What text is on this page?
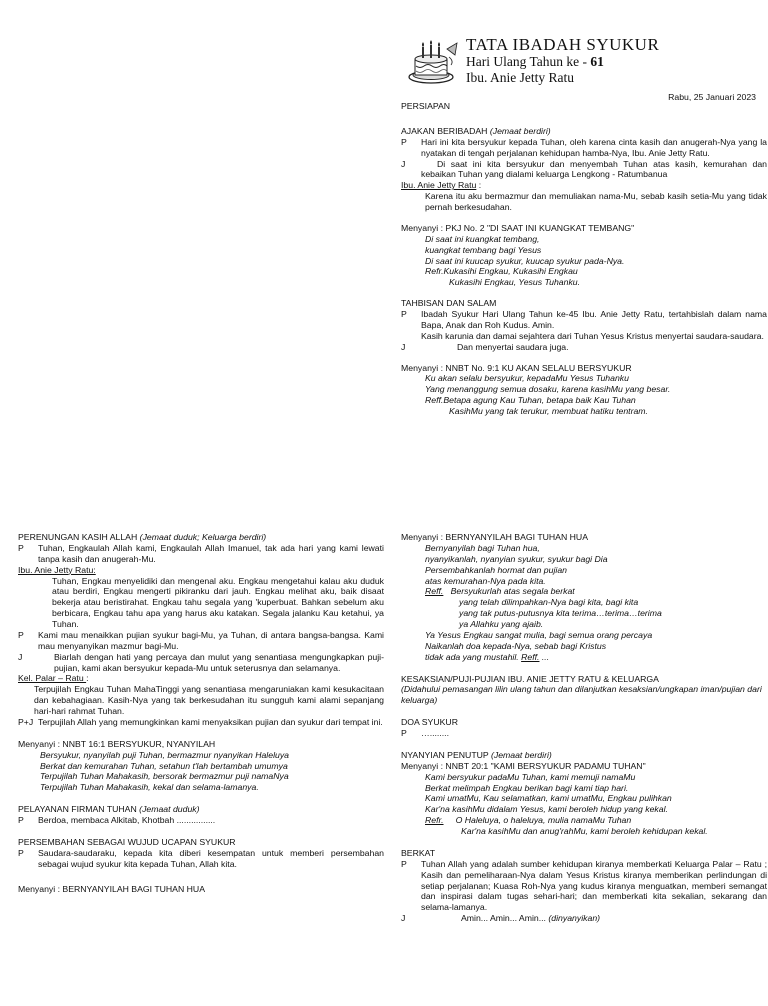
TATA IBADAH SYUKUR
Hari Ulang Tahun ke - 61
Ibu. Anie Jetty Ratu
Rabu, 25 Januari 2023
PERSIAPAN
AJAKAN BERIBADAH (Jemaat berdiri)
P	Hari ini kita bersyukur kepada Tuhan, oleh karena cinta kasih dan anugerah-Nya yang la nyatakan di tengah perjalanan kehidupan hamba-Nya, Ibu. Anie Jetty Ratu.
J	Di saat ini kita bersyukur dan menyembah Tuhan atas kasih, kemurahan dan kebaikan Tuhan yang dialami keluarga Lengkong - Ratumbanua
Ibu. Anie Jetty Ratu :
Karena itu aku bermazmur dan memuliakan nama-Mu, sebab kasih setia-Mu yang tidak pernah berkesudahan.
Menyanyi : PKJ No. 2 "DI SAAT INI KUANGKAT TEMBANG"
Di saat ini kuangkat tembang,
kuangkat tembang bagi Yesus
Di saat ini kuucap syukur, kuucap syukur pada-Nya.
Refr.Kukasihi Engkau, Kukasihi Engkau
Kukasihi Engkau, Yesus Tuhanku.
TAHBISAN DAN SALAM
P	Ibadah Syukur Hari Ulang Tahun ke-45 Ibu. Anie Jetty Ratu, tertahbislah dalam nama Bapa, Anak dan Roh Kudus. Amin.
Kasih karunia dan damai sejahtera dari Tuhan Yesus Kristus menyertai saudara-saudara.
J	Dan menyertai saudara juga.
Menyanyi : NNBT No. 9:1 KU AKAN SELALU BERSYUKUR
Ku akan selalu bersyukur, kepadaMu Yesus Tuhanku
Yang menanggung semua dosaku, karena kasihMu yang besar.
Reff.Betapa agung Kau Tuhan, betapa baik Kau Tuhan
KasihMu yang tak terukur, membuat hatiku tentram.
PERENUNGAN KASIH ALLAH (Jemaat duduk; Keluarga berdiri)
P	Tuhan, Engkaulah Allah kami, Engkaulah Allah Imanuel, tak ada hari yang kami lewati tanpa kasih dan anugerah-Mu.
Ibu. Anie Jetty Ratu:
Tuhan, Engkau menyelidiki dan mengenal aku. Engkau mengetahui kalau aku duduk atau berdiri, Engkau mengerti pikiranku dari jauh. Engkau melihat aku, baik disaat bekerja atau beristirahat. Engkau tahu segala yang 'kuperbuat. Bahkan sebelum aku berbicara, Engkau tahu apa yang harus aku katakan. Segala jalanku Kau ketahui, ya Tuhan.
P	Kami mau menaikkan pujian syukur bagi-Mu, ya Tuhan, di antara bangsa-bangsa. Kami mau menyanyikan mazmur bagi-Mu.
J	Biarlah dengan hati yang percaya dan mulut yang senantiasa mengungkapkan puji-pujian, kami akan bersyukur kepada-Mu untuk seterusnya dan selamanya.
Kel. Palar – Ratu :
Terpujilah Engkau Tuhan MahaTinggi yang senantiasa mengaruniakan kami kesukacitaan dan kebahagiaan. Kasih-Nya yang tak berkesudahan itu sungguh kami alami sepanjang hari-hari rahmat Tuhan.
P+J Terpujilah Allah yang memungkinkan kami menyaksikan pujian dan syukur dari tempat ini.
Menyanyi : NNBT 16:1 BERSYUKUR, NYANYILAH
Bersyukur, nyanyilah puji Tuhan, bermazmur nyanyikan Haleluya
Berkat dan kemurahan Tuhan, setahun t'lah bertambah umumya
Terpujilah Tuhan Mahakasih, bersorak bermazmur puji namaNya
Terpujilah Tuhan Mahakasih, kekal dan selama-lamanya.
PELAYANAN FIRMAN TUHAN (Jemaat duduk)
P	Berdoa, membaca Alkitab, Khotbah ................
PERSEMBAHAN SEBAGAI WUJUD UCAPAN SYUKUR
P	Saudara-saudaraku, kepada kita diberi kesempatan untuk memberi persembahan sebagai wujud syukur kita kepada Tuhan, Allah kita.
Menyanyi : BERNYANYILAH BAGI TUHAN HUA
Menyanyi : BERNYANYILAH BAGI TUHAN HUA
Bernyanyilah bagi Tuhan hua,
nyanyikanlah, nyanyian syukur, syukur bagi Dia
Persembahkanlah hormat dan pujian
atas kemurahan-Nya pada kita.
Reff. Bersyukurlah atas segala berkat
yang telah dilimpahkan-Nya bagi kita, bagi kita
yang tak putus-putusnya kita terima…terima…terima
ya Allahku yang ajaib.
Ya Yesus Engkau sangat mulia, bagi semua orang percaya
Naikanlah doa kepada-Nya, sebab bagi Kristus
tidak ada yang mustahil. Reff. ...
KESAKSIAN/PUJI-PUJIAN IBU. ANIE JETTY RATU & KELUARGA
(Didahului pemasangan lilin ulang tahun dan dilanjutkan kesaksian/ungkapan iman/pujian dari keluarga)
DOA SYUKUR
P	…........
NYANYIAN PENUTUP (Jemaat berdiri)
Menyanyi : NNBT 20:1 "KAMI BERSYUKUR PADAMU TUHAN"
Kami bersyukur padaMu Tuhan, kami memuji namaMu
Berkat melimpah Engkau berikan bagi kami tiap hari.
Kami umatMu, Kau selamatkan, kami umatMu, Engkau pulihkan
Kar'na kasihMu didalam Yesus, kami beroleh hidup yang kekal.
Refr. O Haleluya, o haleluya, mulia namaMu Tuhan
Kar'na kasihMu dan anug'rahMu, kami beroleh kehidupan kekal.
BERKAT
P	Tuhan Allah yang adalah sumber kehidupan kiranya memberkati Keluarga Palar – Ratu ; Kasih dan pemeliharaan-Nya dalam Yesus Kristus kiranya memberikan perlindungan di setiap perjalanan; Kuasa Roh-Nya yang kudus kiranya menguatkan, memberi semangat dan inspirasi dalam tugas sehari-hari; dan memberkati kita sekalian, sekarang dan selama-lamanya.
J	Amin... Amin... Amin... (dinyanyikan)
